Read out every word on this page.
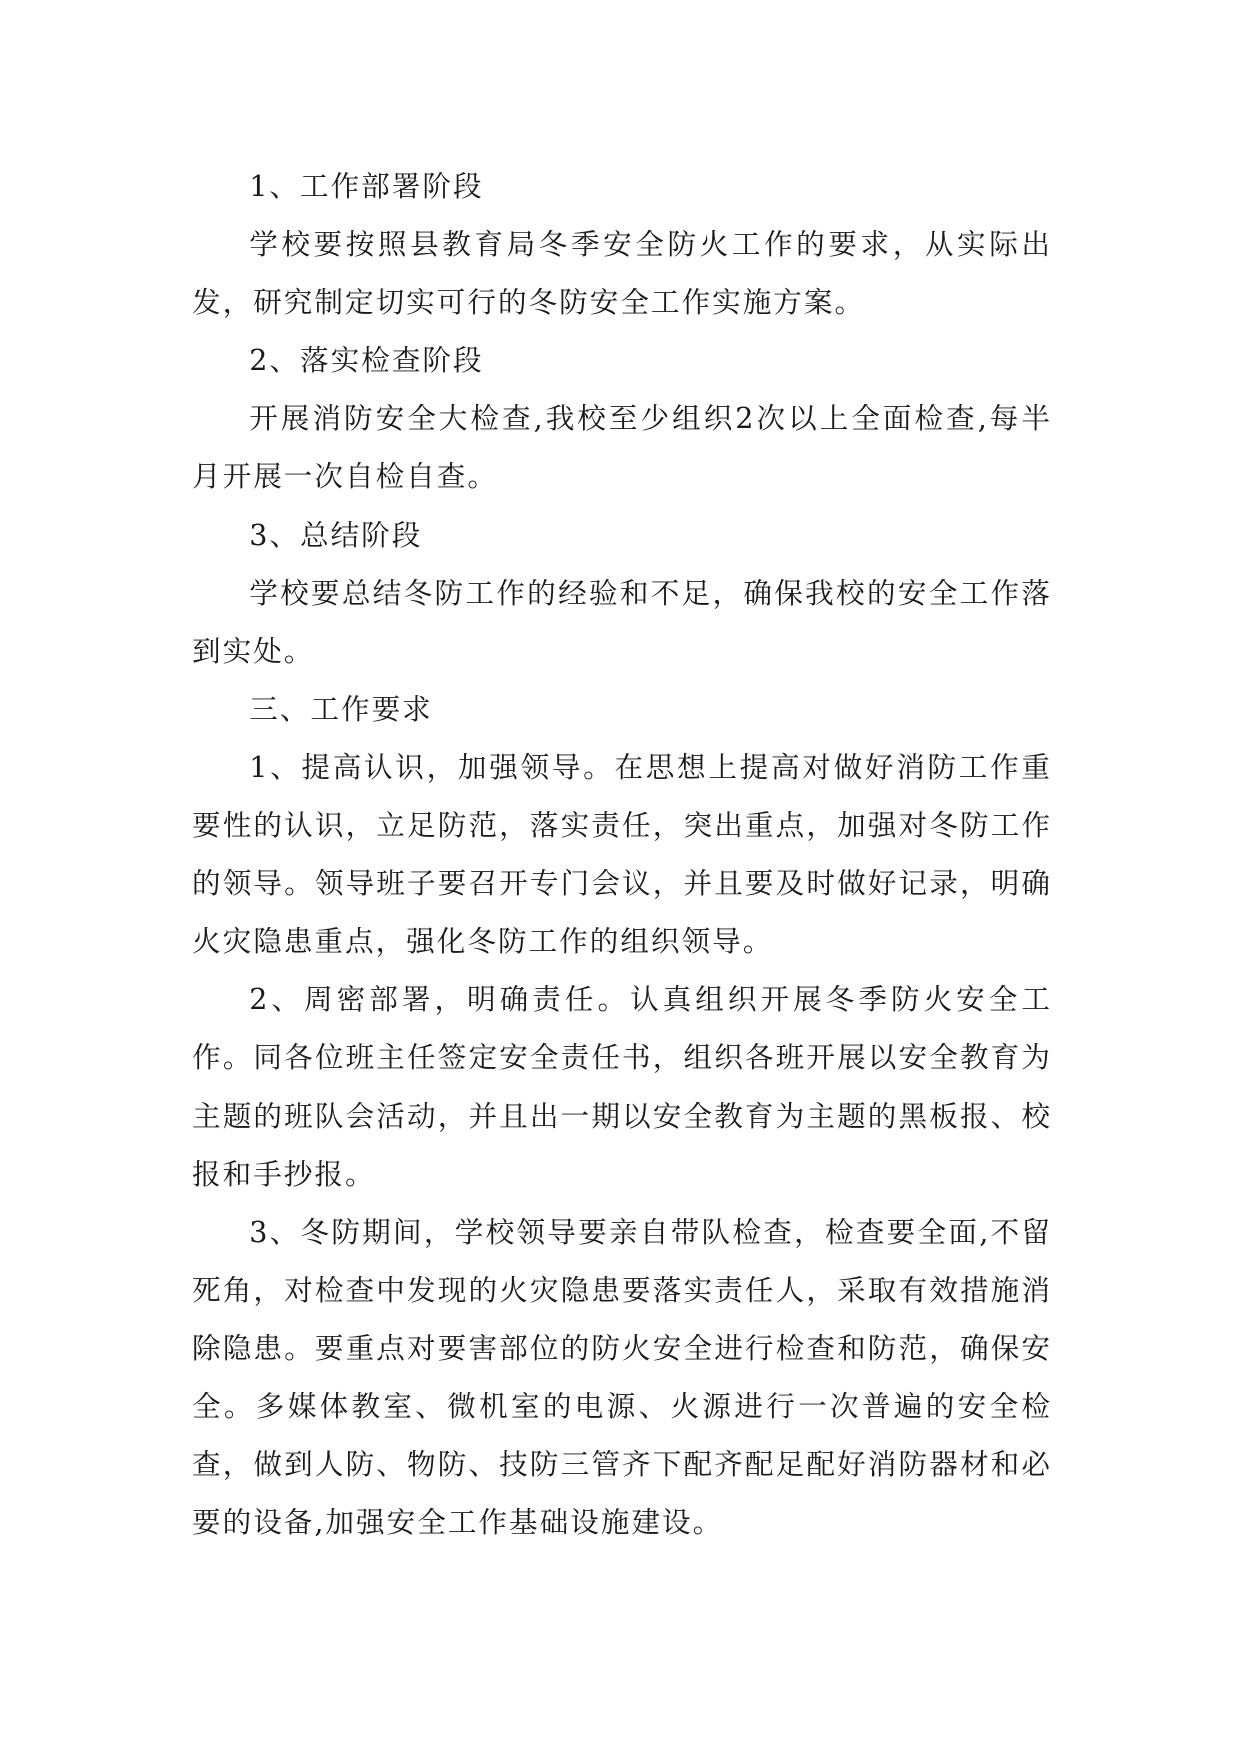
1、工作部署阶段

学校要按照县教育局冬季安全防火工作的要求，从实际出发，研究制定切实可行的冬防安全工作实施方案。

2、落实检查阶段

开展消防安全大检查,我校至少组织2次以上全面检查,每半月开展一次自检自查。

3、总结阶段

学校要总结冬防工作的经验和不足，确保我校的安全工作落到实处。

三、工作要求

1、提高认识，加强领导。在思想上提高对做好消防工作重要性的认识，立足防范，落实责任，突出重点，加强对冬防工作的领导。领导班子要召开专门会议，并且要及时做好记录，明确火灾隐患重点，强化冬防工作的组织领导。

2、周密部署，明确责任。认真组织开展冬季防火安全工作。同各位班主任签定安全责任书，组织各班开展以安全教育为主题的班队会活动，并且出一期以安全教育为主题的黑板报、校报和手抄报。

3、冬防期间，学校领导要亲自带队检查，检查要全面,不留死角，对检查中发现的火灾隐患要落实责任人，采取有效措施消除隐患。要重点对要害部位的防火安全进行检查和防范，确保安全。多媒体教室、微机室的电源、火源进行一次普遍的安全检查，做到人防、物防、技防三管齐下配齐配足配好消防器材和必要的设备,加强安全工作基础设施建设。
